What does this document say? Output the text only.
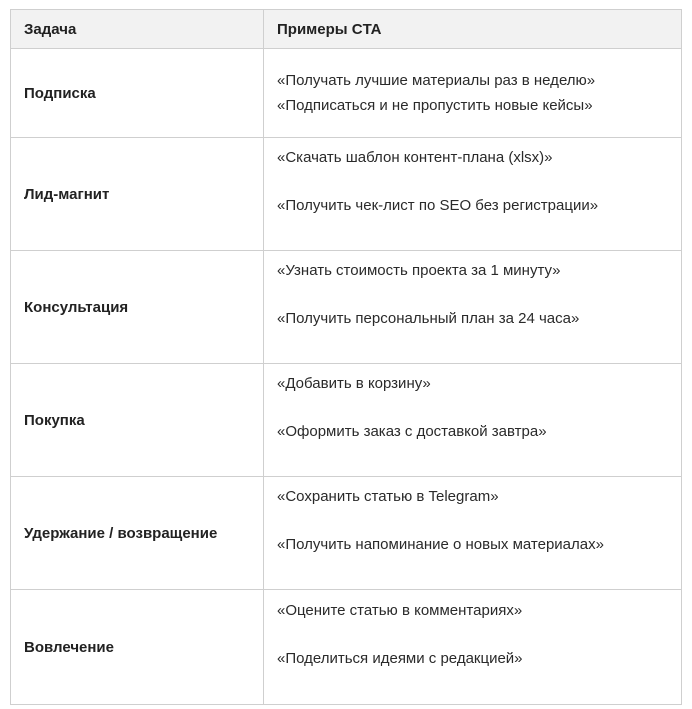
Задача	Примеры CTA
Подписка	«Получать лучшие материалы раз в неделю»
«Подписаться и не пропустить новые кейсы»

Лид-магнит	«Скачать шаблон контент-плана (xlsx)»
«Получить чек-лист по SEO без регистрации»

Консультация	«Узнать стоимость проекта за 1 минуту»
«Получить персональный план за 24 часа»

Покупка	«Добавить в корзину»
«Оформить заказ с доставкой завтра»

Удержание / возвращение	«Сохранить статью в Telegram»
«Получить напоминание о новых материалах»

Вовлечение	«Оцените статью в комментариях»
«Поделиться идеями с редакцией»
